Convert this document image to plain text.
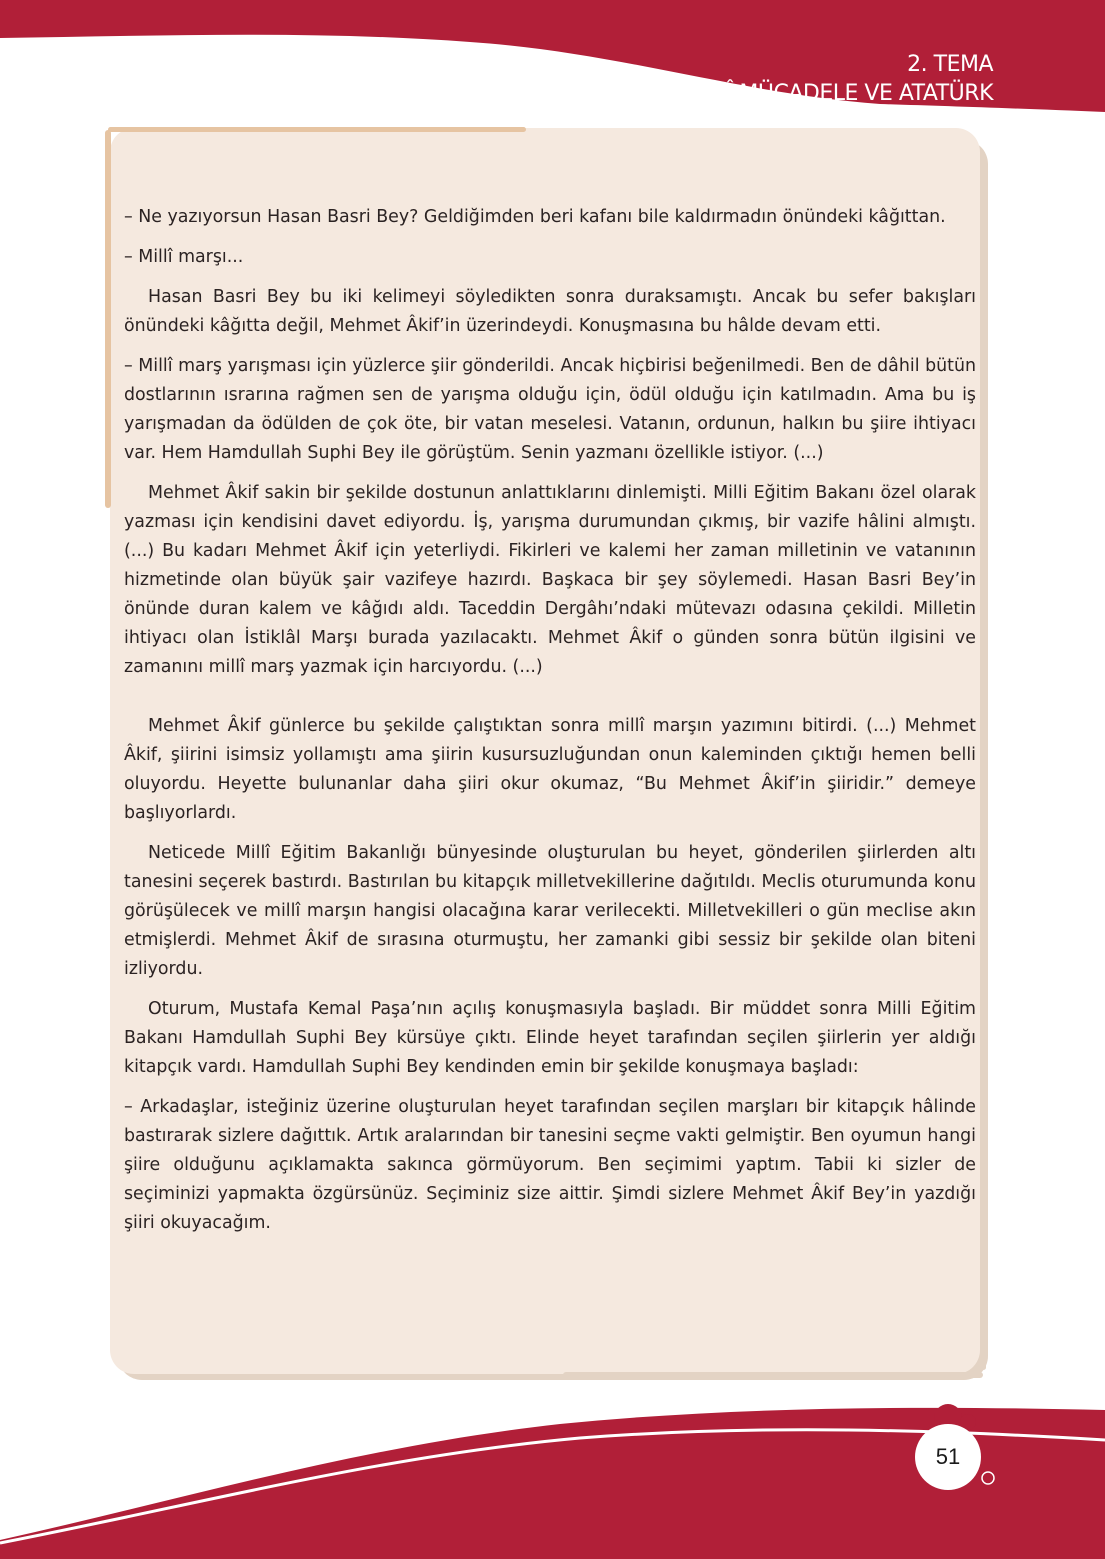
2. TEMA
MİLLÎ MÜCADELE VE ATATÜRK

– Ne yazıyorsun Hasan Basri Bey? Geldiğimden beri kafanı bile kaldırmadın önündeki kâğıttan.

– Millî marşı...

Hasan Basri Bey bu iki kelimeyi söyledikten sonra duraksamıştı. Ancak bu sefer bakışları önündeki kâğıtta değil, Mehmet Âkif’in üzerindeydi. Konuşmasına bu hâlde devam etti.

– Millî marş yarışması için yüzlerce şiir gönderildi. Ancak hiçbirisi beğenilmedi. Ben de dâhil bütün dostlarının ısrarına rağmen sen de yarışma olduğu için, ödül olduğu için katılmadın. Ama bu iş yarışmadan da ödülden de çok öte, bir vatan meselesi. Vatanın, ordunun, halkın bu şiire ihtiyacı var. Hem Hamdullah Suphi Bey ile görüştüm. Senin yazmanı özellikle istiyor. (...)

Mehmet Âkif sakin bir şekilde dostunun anlattıklarını dinlemişti. Milli Eğitim Bakanı özel olarak yazması için kendisini davet ediyordu. İş, yarışma durumundan çıkmış, bir vazife hâlini almıştı. (...) Bu kadarı Mehmet Âkif için yeterliydi. Fikirleri ve kalemi her zaman milletinin ve vatanının hizmetinde olan büyük şair vazifeye hazırdı. Başkaca bir şey söylemedi. Hasan Basri Bey’in önünde duran kalem ve kâğıdı aldı. Taceddin Dergâhı’ndaki mütevazı odasına çekildi. Milletin ihtiyacı olan İstiklâl Marşı burada yazılacaktı. Mehmet Âkif o günden sonra bütün ilgisini ve zamanını millî marş yazmak için harcıyordu. (...)

Mehmet Âkif günlerce bu şekilde çalıştıktan sonra millî marşın yazımını bitirdi. (...) Mehmet Âkif, şiirini isimsiz yollamıştı ama şiirin kusursuzluğundan onun kaleminden çıktığı hemen belli oluyordu. Heyette bulunanlar daha şiiri okur okumaz, “Bu Mehmet Âkif’in şiiridir.” demeye başlıyorlardı.

Neticede Millî Eğitim Bakanlığı bünyesinde oluşturulan bu heyet, gönderilen şiirlerden altı tanesini seçerek bastırdı. Bastırılan bu kitapçık milletvekillerine dağıtıldı. Meclis oturumunda konu görüşülecek ve millî marşın hangisi olacağına karar verilecekti. Milletvekilleri o gün meclise akın etmişlerdi. Mehmet Âkif de sırasına oturmuştu, her zamanki gibi sessiz bir şekilde olan biteni izliyordu.

Oturum, Mustafa Kemal Paşa’nın açılış konuşmasıyla başladı. Bir müddet sonra Milli Eğitim Bakanı Hamdullah Suphi Bey kürsüye çıktı. Elinde heyet tarafından seçilen şiirlerin yer aldığı kitapçık vardı. Hamdullah Suphi Bey kendinden emin bir şekilde konuşmaya başladı:

– Arkadaşlar, isteğiniz üzerine oluşturulan heyet tarafından seçilen marşları bir kitapçık hâlinde bastırarak sizlere dağıttık. Artık aralarından bir tanesini seçme vakti gelmiştir. Ben oyumun hangi şiire olduğunu açıklamakta sakınca görmüyorum. Ben seçimimi yaptım. Tabii ki sizler de seçiminizi yapmakta özgürsünüz. Seçiminiz size aittir. Şimdi sizlere Mehmet Âkif Bey’in yazdığı şiiri okuyacağım.

51
